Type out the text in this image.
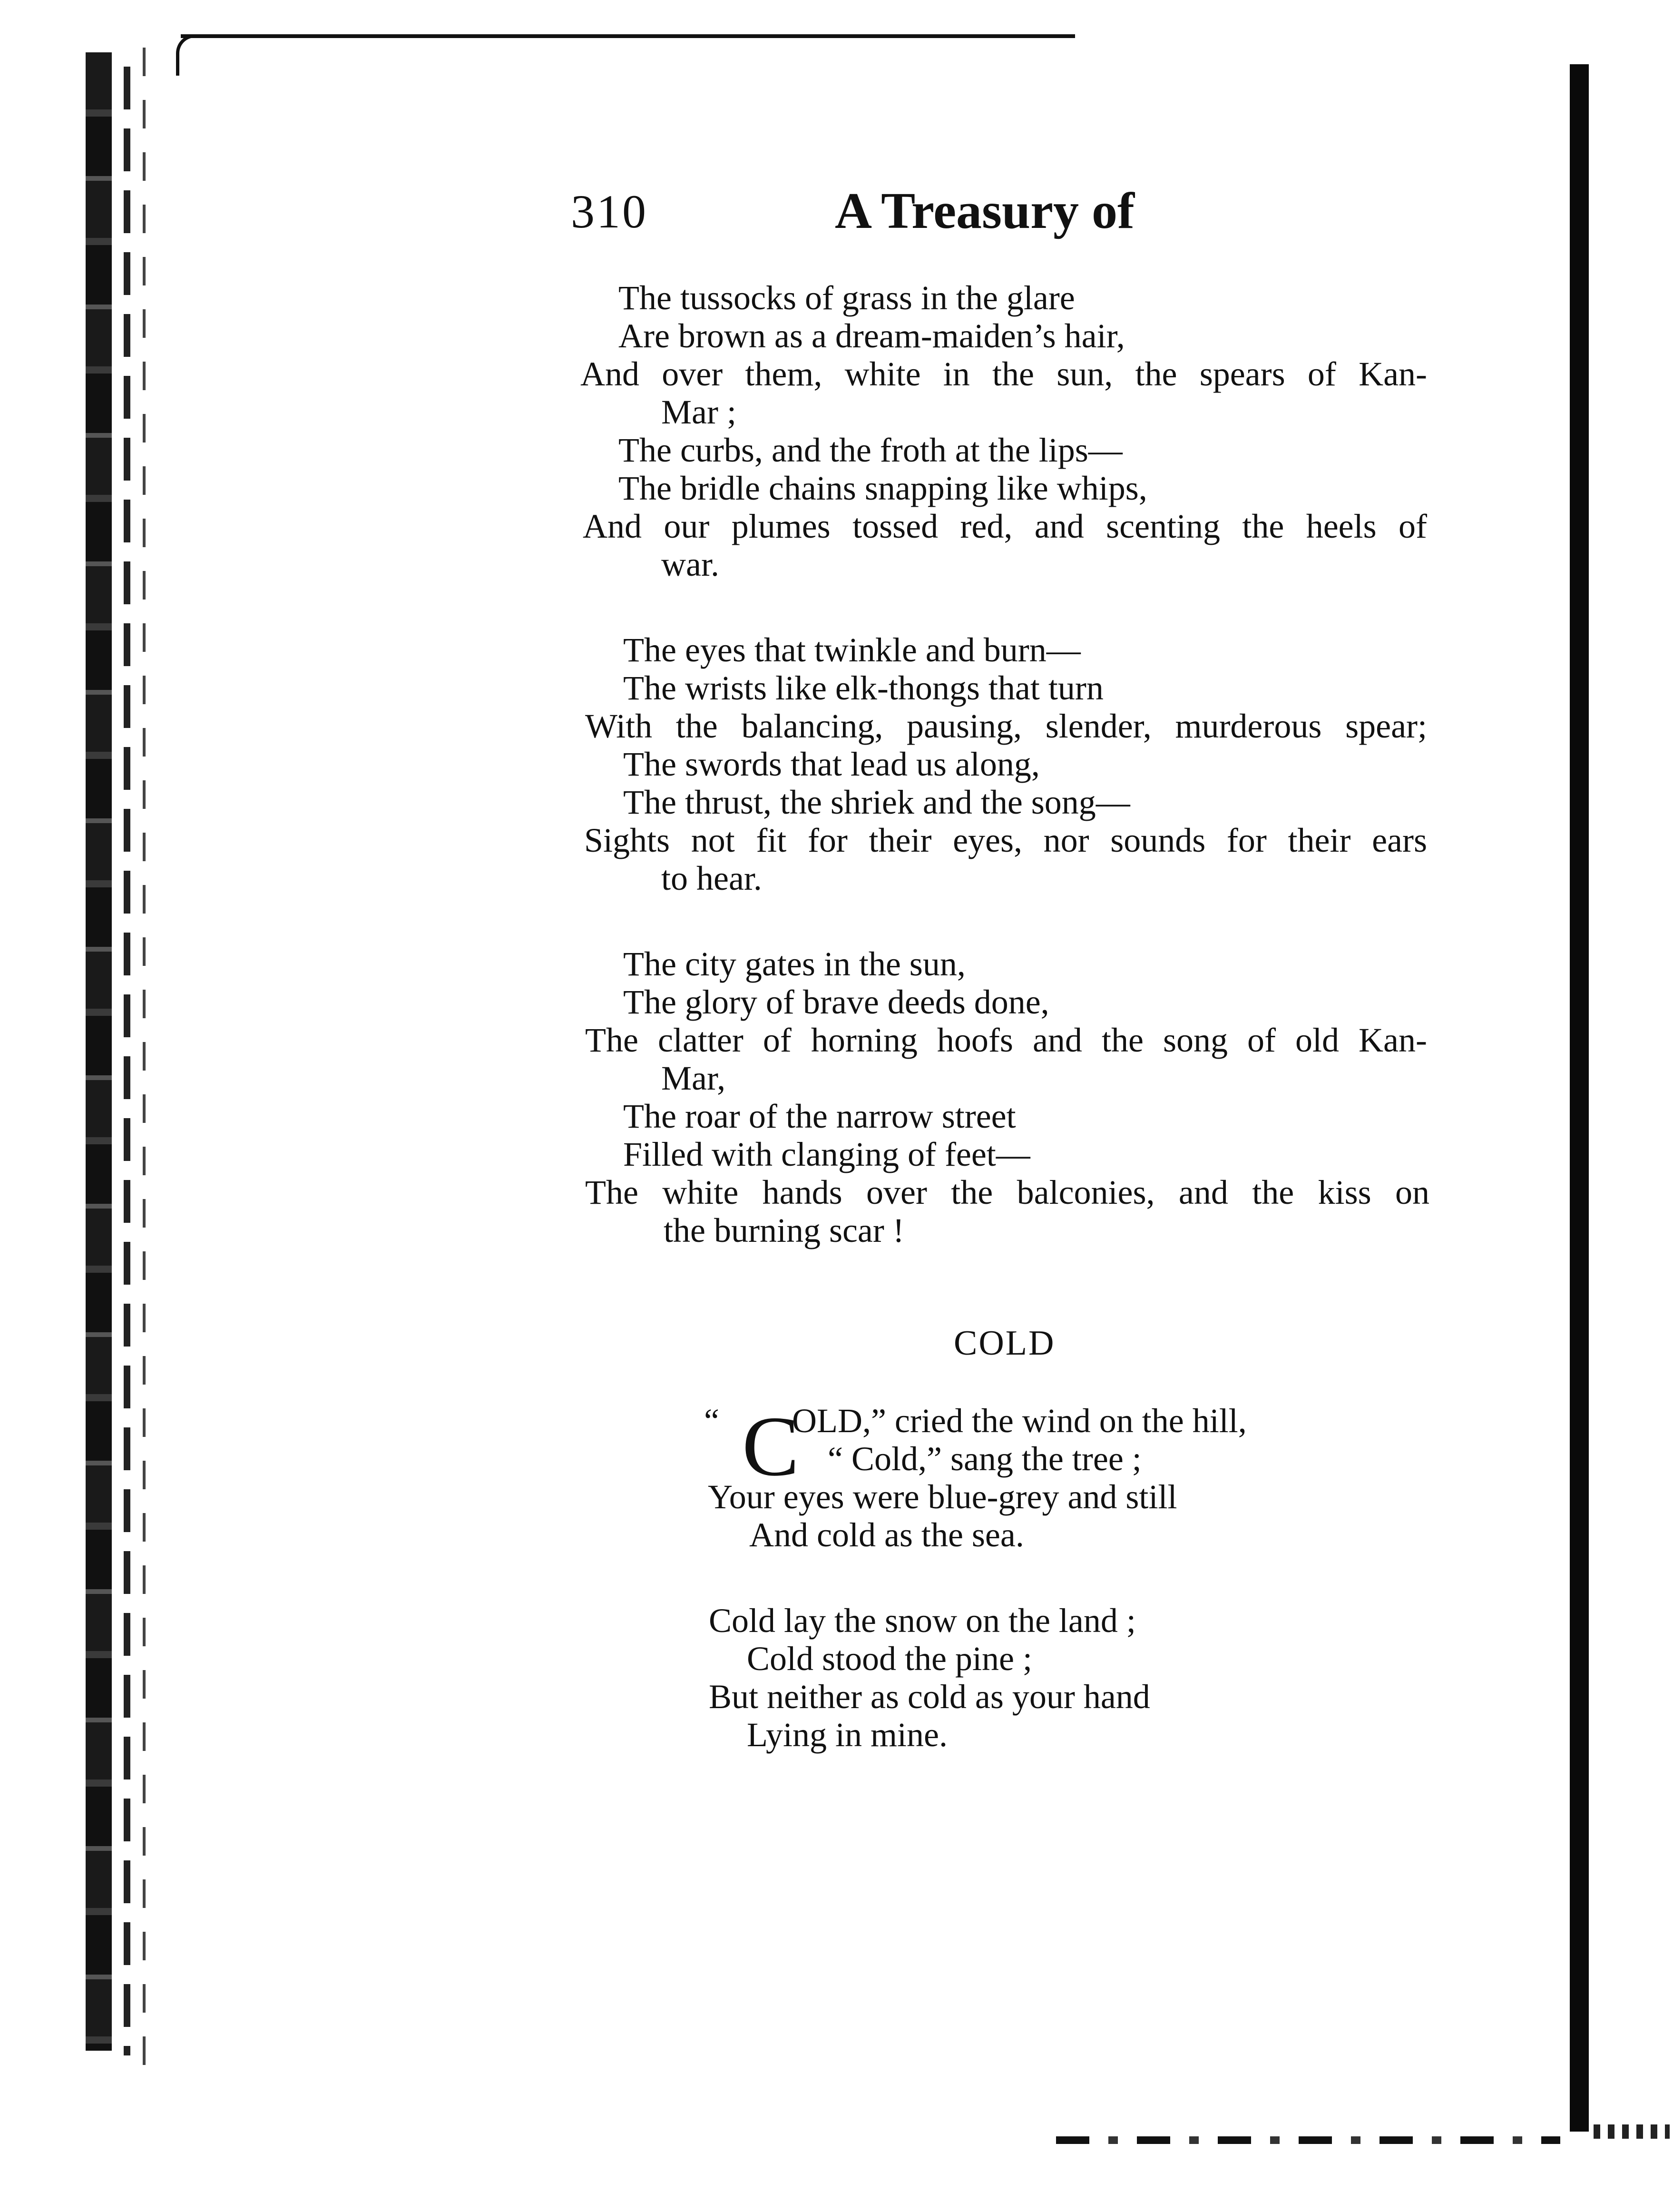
310	A Treasury of
The tussocks of grass in the glare
Are brown as a dream-maiden’s hair,
And over them, white in the sun, the spears of Kan-
Mar ;
The curbs, and the froth at the lips—
The bridle chains snapping like whips,
And our plumes tossed red, and scenting the heels of
war.
The eyes that twinkle and burn—
The wrists like elk-thongs that turn
With the balancing, pausing, slender, murderous spear;
The swords that lead us along,
The thrust, the shriek and the song—
Sights not fit for their eyes, nor sounds for their ears
to hear.
The city gates in the sun,
The glory of brave deeds done,
The clatter of horning hoofs and the song of old Kan-
Mar,
The roar of the narrow street
Filled with clanging of feet—
The white hands over the balconies, and the kiss on
the burning scar !
COLD
“ C
OLD,” cried the wind on the hill,
“ Cold,” sang the tree ;
Your eyes were blue-grey and still
And cold as the sea.
Cold lay the snow on the land ;
Cold stood the pine ;
But neither as cold as your hand
Lying in mine.
